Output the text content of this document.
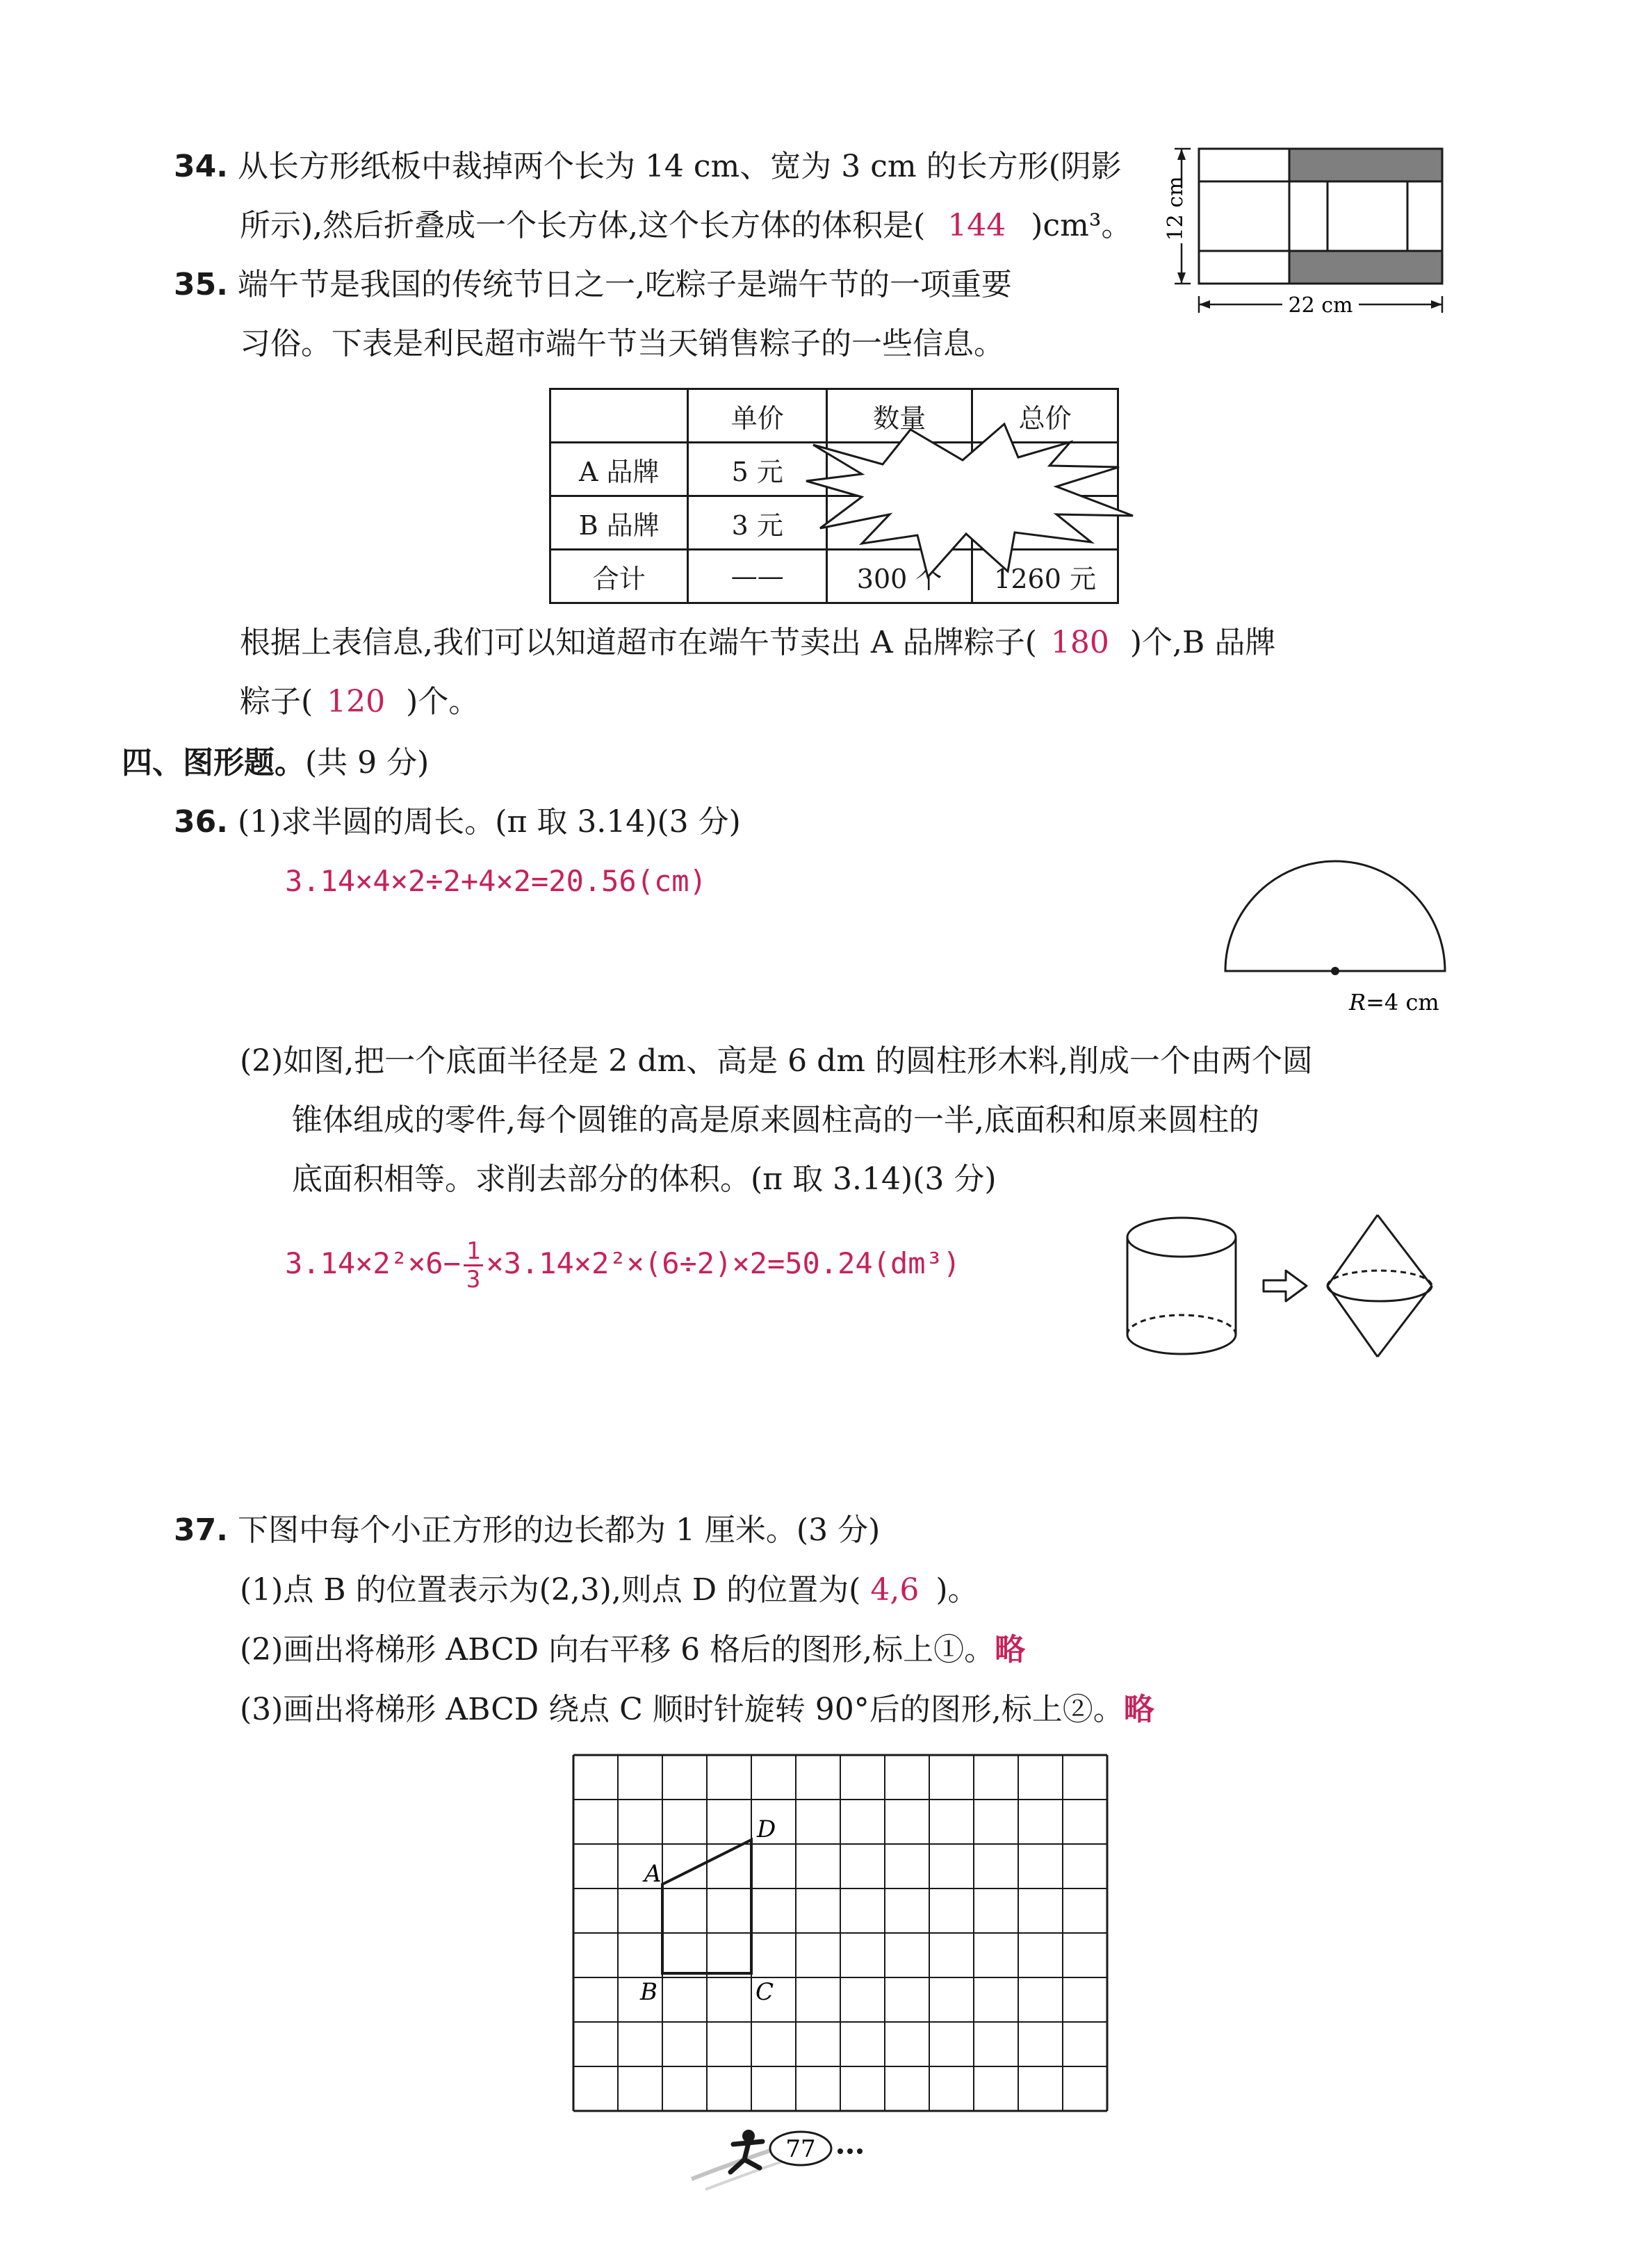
34. 从长方形纸板中裁掉两个长为 14 cm、宽为 3 cm 的长方形(阴影
所示),然后折叠成一个长方体,这个长方体的体积是( 144 )cm³。 12 cm
22 cm
35. 端午节是我国的传统节日之一,吃粽子是端午节的一项重要
习俗。下表是利民超市端午节当天销售粽子的一些信息。
	单价	数量	总价
A 品牌	5 元		
B 品牌	3 元		
合计	——	300 个	1260 元
根据上表信息,我们可以知道超市在端午节卖出 A 品牌粽子( 180 )个,B 品牌
粽子( 120 )个。
四、图形题。(共 9 分)
36. (1)求半圆的周长。(π 取 3.14)(3 分)
3.14×4×2÷2+4×2=20.56(cm)
R=4 cm
(2)如图,把一个底面半径是 2 dm、高是 6 dm 的圆柱形木料,削成一个由两个圆
锥体组成的零件,每个圆锥的高是原来圆柱高的一半,底面积和原来圆柱的
底面积相等。求削去部分的体积。(π 取 3.14)(3 分)
$3.14\times 2^2\times 6- \frac{1}{3} \times 3.14\times 2^2\times(6\div 2)\times 2=50.24(dm^3)$
37. 下图中每个小正方形的边长都为 1 厘米。(3 分)
(1)点 B 的位置表示为(2,3),则点 D 的位置为( 4,6 )。
(2)画出将梯形 ABCD 向右平移 6 格后的图形,标上①。略
(3)画出将梯形 ABCD 绕点 C 顺时针旋转 90°后的图形,标上②。略
A
D
B	C
77
